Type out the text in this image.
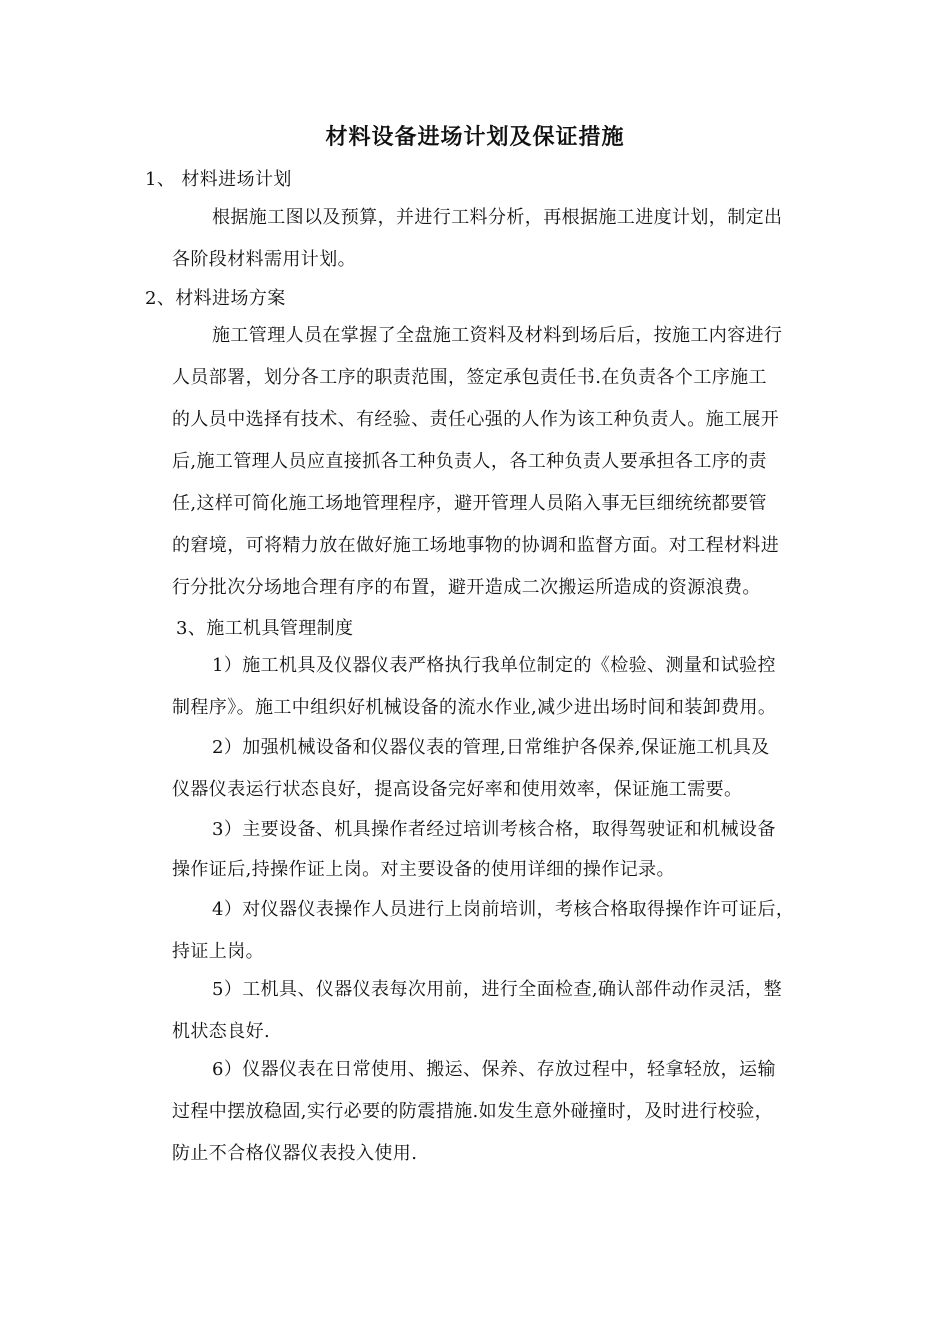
材料设备进场计划及保证措施
1、 材料进场计划
根据施工图以及预算，并进行工料分析，再根据施工进度计划，制定出
各阶段材料需用计划。
2、材料进场方案
施工管理人员在掌握了全盘施工资料及材料到场后后，按施工内容进行
人员部署，划分各工序的职责范围，签定承包责任书.在负责各个工序施工
的人员中选择有技术、有经验、责任心强的人作为该工种负责人。施工展开
后,施工管理人员应直接抓各工种负责人，各工种负责人要承担各工序的责
任,这样可简化施工场地管理程序，避开管理人员陷入事无巨细统统都要管
的窘境，可将精力放在做好施工场地事物的协调和监督方面。对工程材料进
行分批次分场地合理有序的布置，避开造成二次搬运所造成的资源浪费。
3、施工机具管理制度
1）施工机具及仪器仪表严格执行我单位制定的《检验、测量和试验控
制程序》。施工中组织好机械设备的流水作业,减少进出场时间和装卸费用。
2）加强机械设备和仪器仪表的管理,日常维护各保养,保证施工机具及
仪器仪表运行状态良好，提高设备完好率和使用效率，保证施工需要。
3）主要设备、机具操作者经过培训考核合格，取得驾驶证和机械设备
操作证后,持操作证上岗。对主要设备的使用详细的操作记录。
4）对仪器仪表操作人员进行上岗前培训，考核合格取得操作许可证后，
持证上岗。
5）工机具、仪器仪表每次用前，进行全面检查,确认部件动作灵活，整
机状态良好.
6）仪器仪表在日常使用、搬运、保养、存放过程中，轻拿轻放，运输
过程中摆放稳固,实行必要的防震措施.如发生意外碰撞时，及时进行校验，
防止不合格仪器仪表投入使用.
